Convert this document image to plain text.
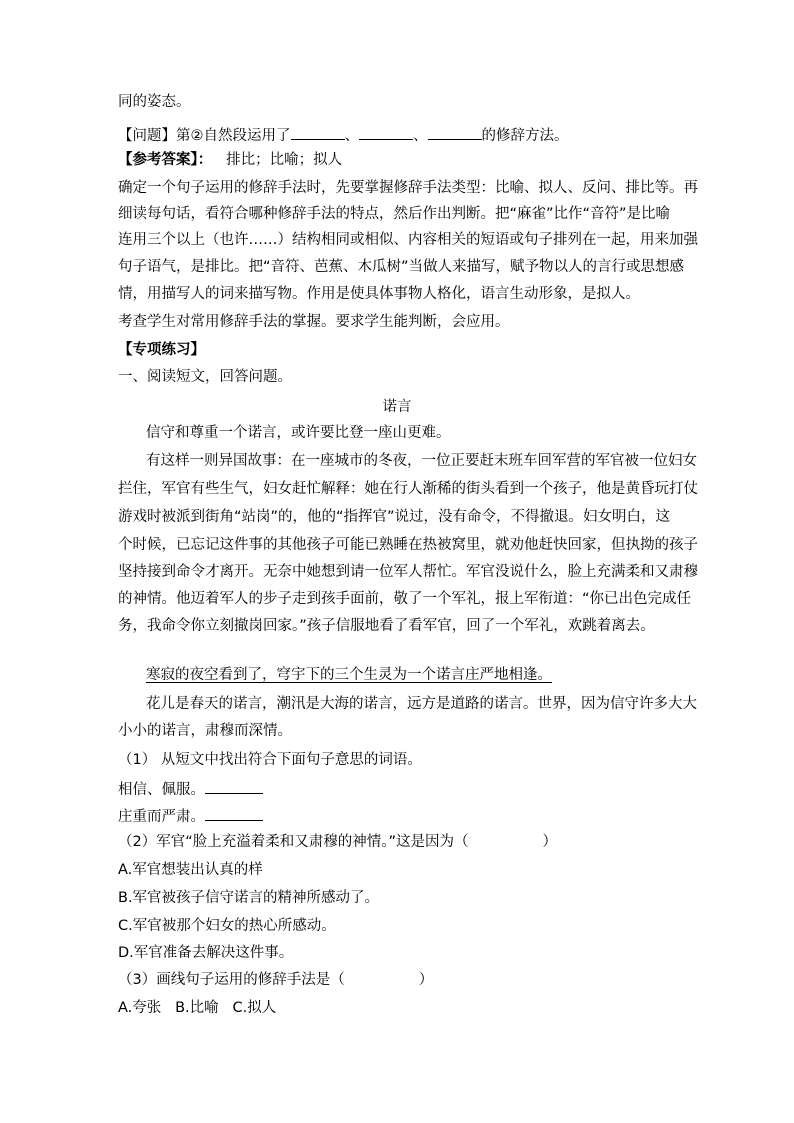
同的姿态。
【问题】第②自然段运用了	、	、	的修辞方法。
【参考答案】： 排比；比喻；拟人
确定一个句子运用的修辞手法时，先要掌握修辞手法类型：比喻、拟人、反问、排比等。再
细读每句话，看符合哪种修辞手法的特点，然后作出判断。把“麻雀”比作“音符”是比喻
连用三个以上（也许……）结构相同或相似、内容相关的短语或句子排列在一起，用来加强
句子语气，是排比。把“音符、芭蕉、木瓜树”当做人来描写，赋予物以人的言行或思想感
情，用描写人的词来描写物。作用是使具体事物人格化，语言生动形象，是拟人。
考查学生对常用修辞手法的掌握。要求学生能判断，会应用。
【专项练习】
一、阅读短文，回答问题。
诺言
信守和尊重一个诺言，或许要比登一座山更难。
有这样一则异国故事：在一座城市的冬夜，一位正要赶末班车回军营的军官被一位妇女
拦住，军官有些生气，妇女赶忙解释：她在行人渐稀的街头看到一个孩子，他是黄昏玩打仗
游戏时被派到街角“站岗”的，他的“指挥官”说过，没有命令，不得撤退。妇女明白，这
个时候，已忘记这件事的其他孩子可能已熟睡在热被窝里，就劝他赶快回家，但执拗的孩子
坚持接到命令才离开。无奈中她想到请一位军人帮忙。军官没说什么，脸上充满柔和又肃穆
的神情。他迈着军人的步子走到孩手面前，敬了一个军礼，报上军衔道：“你已出色完成任
务，我命令你立刻撤岗回家。”孩子信服地看了看军官，回了一个军礼，欢跳着离去。
寒寂的夜空看到了，穹宇下的三个生灵为一个诺言庄严地相逢。
花儿是春天的诺言，潮汛是大海的诺言，远方是道路的诺言。世界，因为信守许多大大
小小的诺言，肃穆而深情。
（1） 从短文中找出符合下面句子意思的词语。
相信、佩服。
庄重而严肃。
（2）军官“脸上充溢着柔和又肃穆的神情。”这是因为（	）
A.军官想装出认真的样
B.军官被孩子信守诺言的精神所感动了。
C.军官被那个妇女的热心所感动。
D.军官准备去解决这件事。
（3）画线句子运用的修辞手法是（	）
A.夸张   B.比喻   C.拟人
